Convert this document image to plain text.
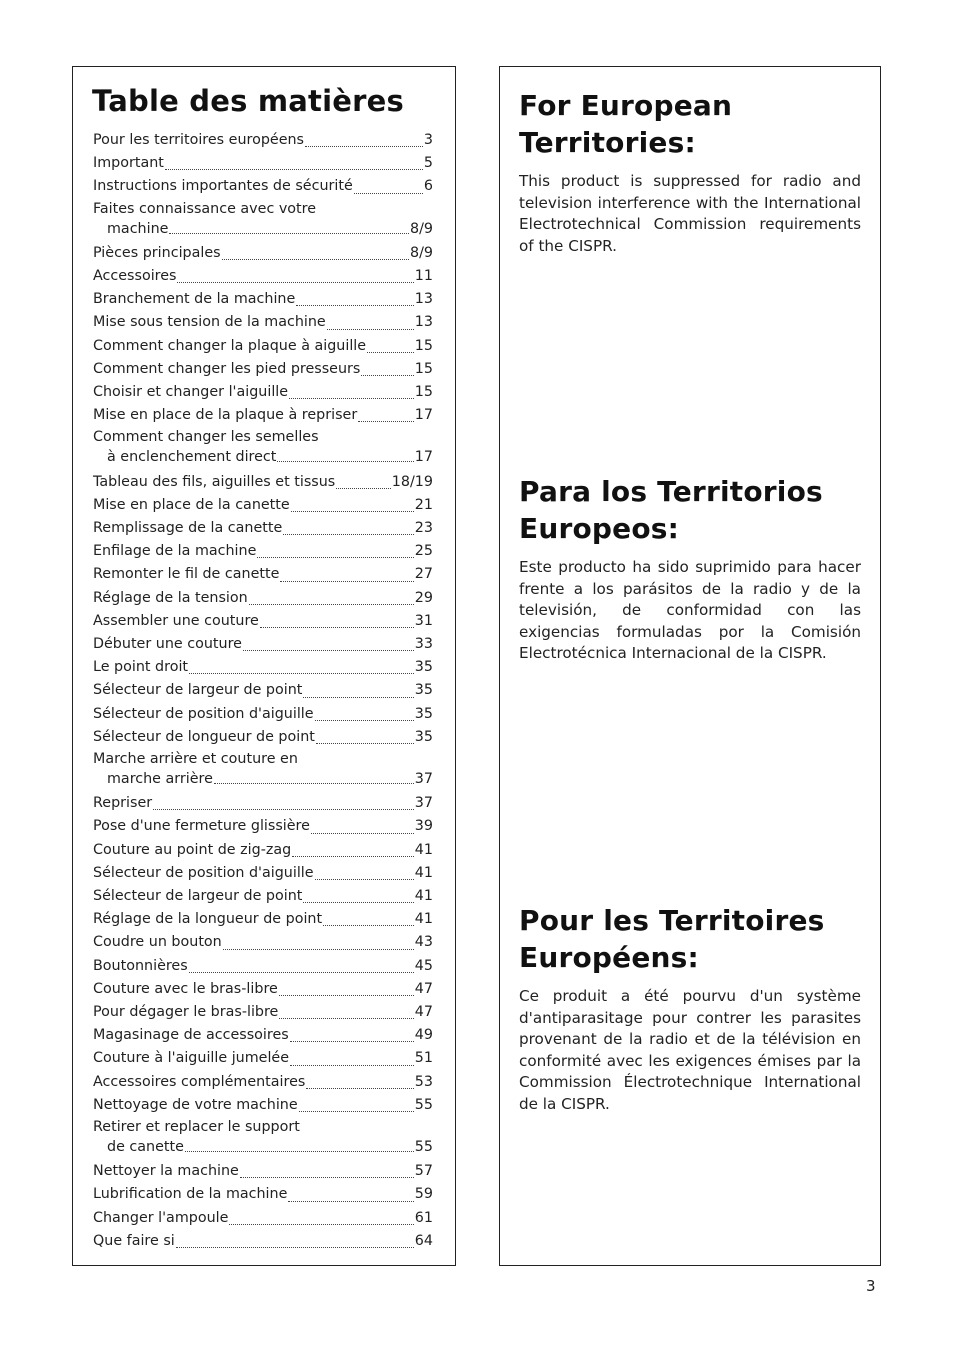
Table des matières
Pour les territoires européens	3
Important	5
Instructions importantes de sécurité	6
Faites connaissance avec votre
machine	8/9
Pièces principales	8/9
Accessoires	11
Branchement de la machine	13
Mise sous tension de la machine	13
Comment changer la plaque à aiguille	15
Comment changer les pied presseurs	15
Choisir et changer l'aiguille	15
Mise en place de la plaque à repriser	17
Comment changer les semelles
à enclenchement direct	17
Tableau des fils, aiguilles et tissus	18/19
Mise en place de la canette	21
Remplissage de la canette	23
Enfilage de la machine	25
Remonter le fil de canette	27
Réglage de la tension	29
Assembler une couture	31
Débuter une couture	33
Le point droit	35
Sélecteur de largeur de point	35
Sélecteur de position d'aiguille	35
Sélecteur de longueur de point	35
Marche arrière et couture en
marche arrière	37
Repriser	37
Pose d'une fermeture glissière	39
Couture au point de zig-zag	41
Sélecteur de position d'aiguille	41
Sélecteur de largeur de point	41
Réglage de la longueur de point	41
Coudre un bouton	43
Boutonnières	45
Couture avec le bras-libre	47
Pour dégager le bras-libre	47
Magasinage de accessoires	49
Couture à l'aiguille jumelée	51
Accessoires complémentaires	53
Nettoyage de votre machine	55
Retirer et replacer le support
de canette	55
Nettoyer la machine	57
Lubrification de la machine	59
Changer l'ampoule	61
Que faire si	64
For European Territories:

This product is suppressed for radio and television interference with the International Electrotechnical Commission requirements of the CISPR.

Para los Territorios Europeos:

Este producto ha sido suprimido para hacer frente a los parásitos de la radio y de la televisión, de conformidad con las exigencias formuladas por la Comisión Electrotécnica Internacional de la CISPR.

Pour les Territoires Européens:

Ce produit a été pourvu d'un système d'antiparasitage pour contrer les parasites provenant de la radio et de la télévision en conformité avec les exigences émises par la Commission Électrotechnique International de la CISPR.

3
